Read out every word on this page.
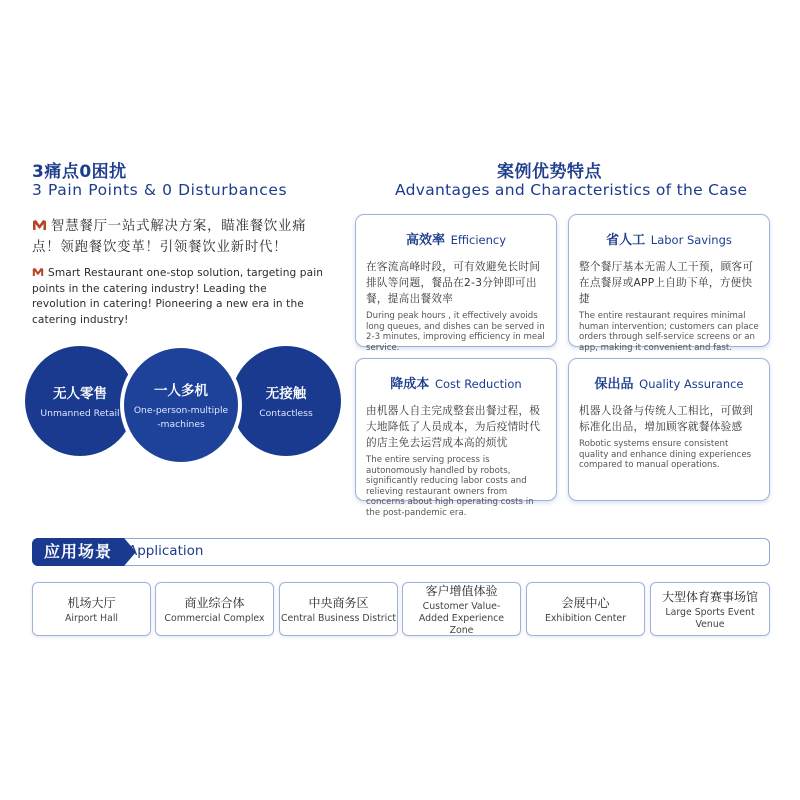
3痛点0困扰
3 Pain Points & 0 Disturbances
智慧餐厅一站式解决方案，瞄准餐饮业痛点！领跑餐饮变革！引领餐饮业新时代！
Smart Restaurant one-stop solution, targeting pain points in the catering industry! Leading the revolution in catering! Pioneering a new era in the catering industry!
无人零售
Unmanned Retail
无接触
Contactless
一人多机
One-person-multiple -machines
案例优势特点
Advantages and Characteristics of the Case
高效率 Efficiency
在客流高峰时段，可有效避免长时间排队等问题，餐品在2-3分钟即可出餐，提高出餐效率
During peak hours , it effectively avoids long queues, and dishes can be served in 2-3 minutes, improving efficiency in meal service.
省人工 Labor Savings
整个餐厅基本无需人工干预，顾客可在点餐屏或APP上自助下单，方便快捷
The entire restaurant requires minimal human intervention; customers can place orders through self-service screens or an app, making it convenient and fast.
降成本 Cost Reduction
由机器人自主完成整套出餐过程，极大地降低了人员成本，为后疫情时代的店主免去运营成本高的烦忧
The entire serving process is autonomously handled by robots, significantly reducing labor costs and relieving restaurant owners from concerns about high operating costs in the post-pandemic era.
保出品 Quality Assurance
机器人设备与传统人工相比，可做到标准化出品，增加顾客就餐体验感
Robotic systems ensure consistent quality and enhance dining experiences compared to manual operations.
应用场景	Application
机场大厅
Airport Hall
商业综合体
Commercial Complex
中央商务区
Central Business District
客户增值体验
Customer Value-Added Experience Zone
会展中心
Exhibition Center
大型体育赛事场馆
Large Sports Event Venue
